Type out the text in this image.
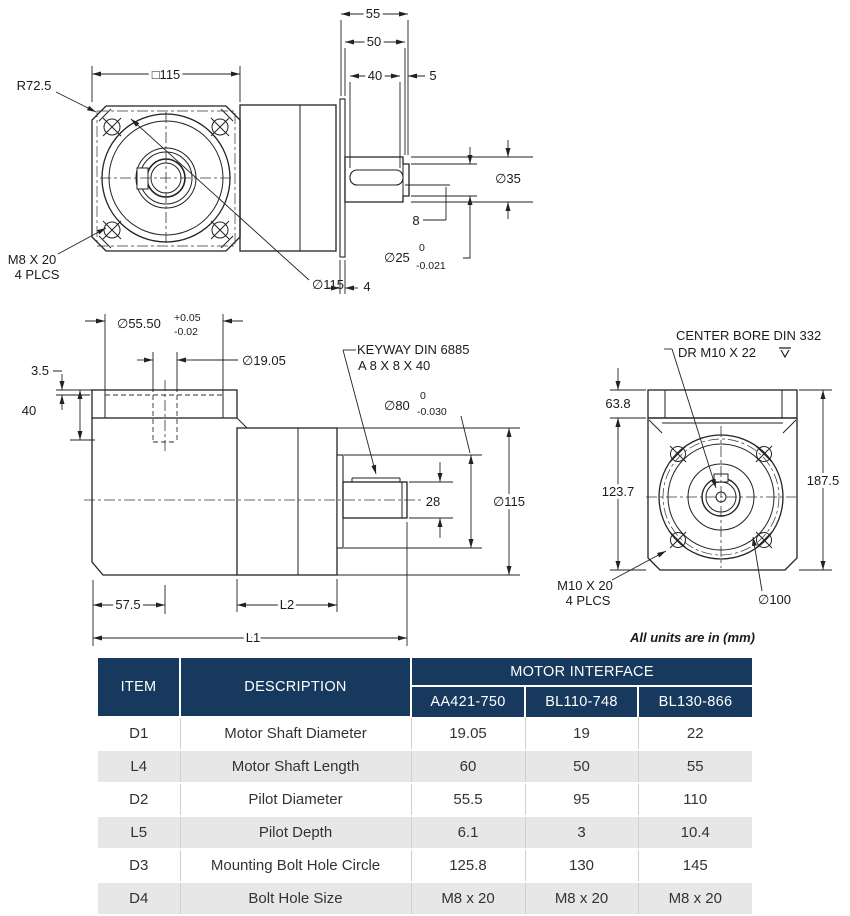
R72.5
□115
M8 X 20
4 PLCS
∅115
55
50
40	5
∅35
8
∅25
0
-0.021
4
∅55.50 +0.05
-0.02
∅19.05
3.5
40
KEYWAY DIN 6885
A 8 X 8 X 40
∅80
0
-0.030
28	∅115
57.5	L2
L1
CENTER BORE DIN 332
DR M10 X 22
63.8
123.7
187.5
M10 X 20
4 PLCS	∅100
All units are in (mm)
ITEM	DESCRIPTION	MOTOR INTERFACE		
		AA421-750	BL110-748	BL130-866
D1	Motor Shaft Diameter	19.05	19	22
L4	Motor Shaft Length	60	50	55
D2	Pilot Diameter	55.5	95	110
L5	Pilot Depth	6.1	3	10.4
D3	Mounting Bolt Hole Circle	125.8	130	145
D4	Bolt Hole Size	M8 x 20	M8 x 20	M8 x 20
